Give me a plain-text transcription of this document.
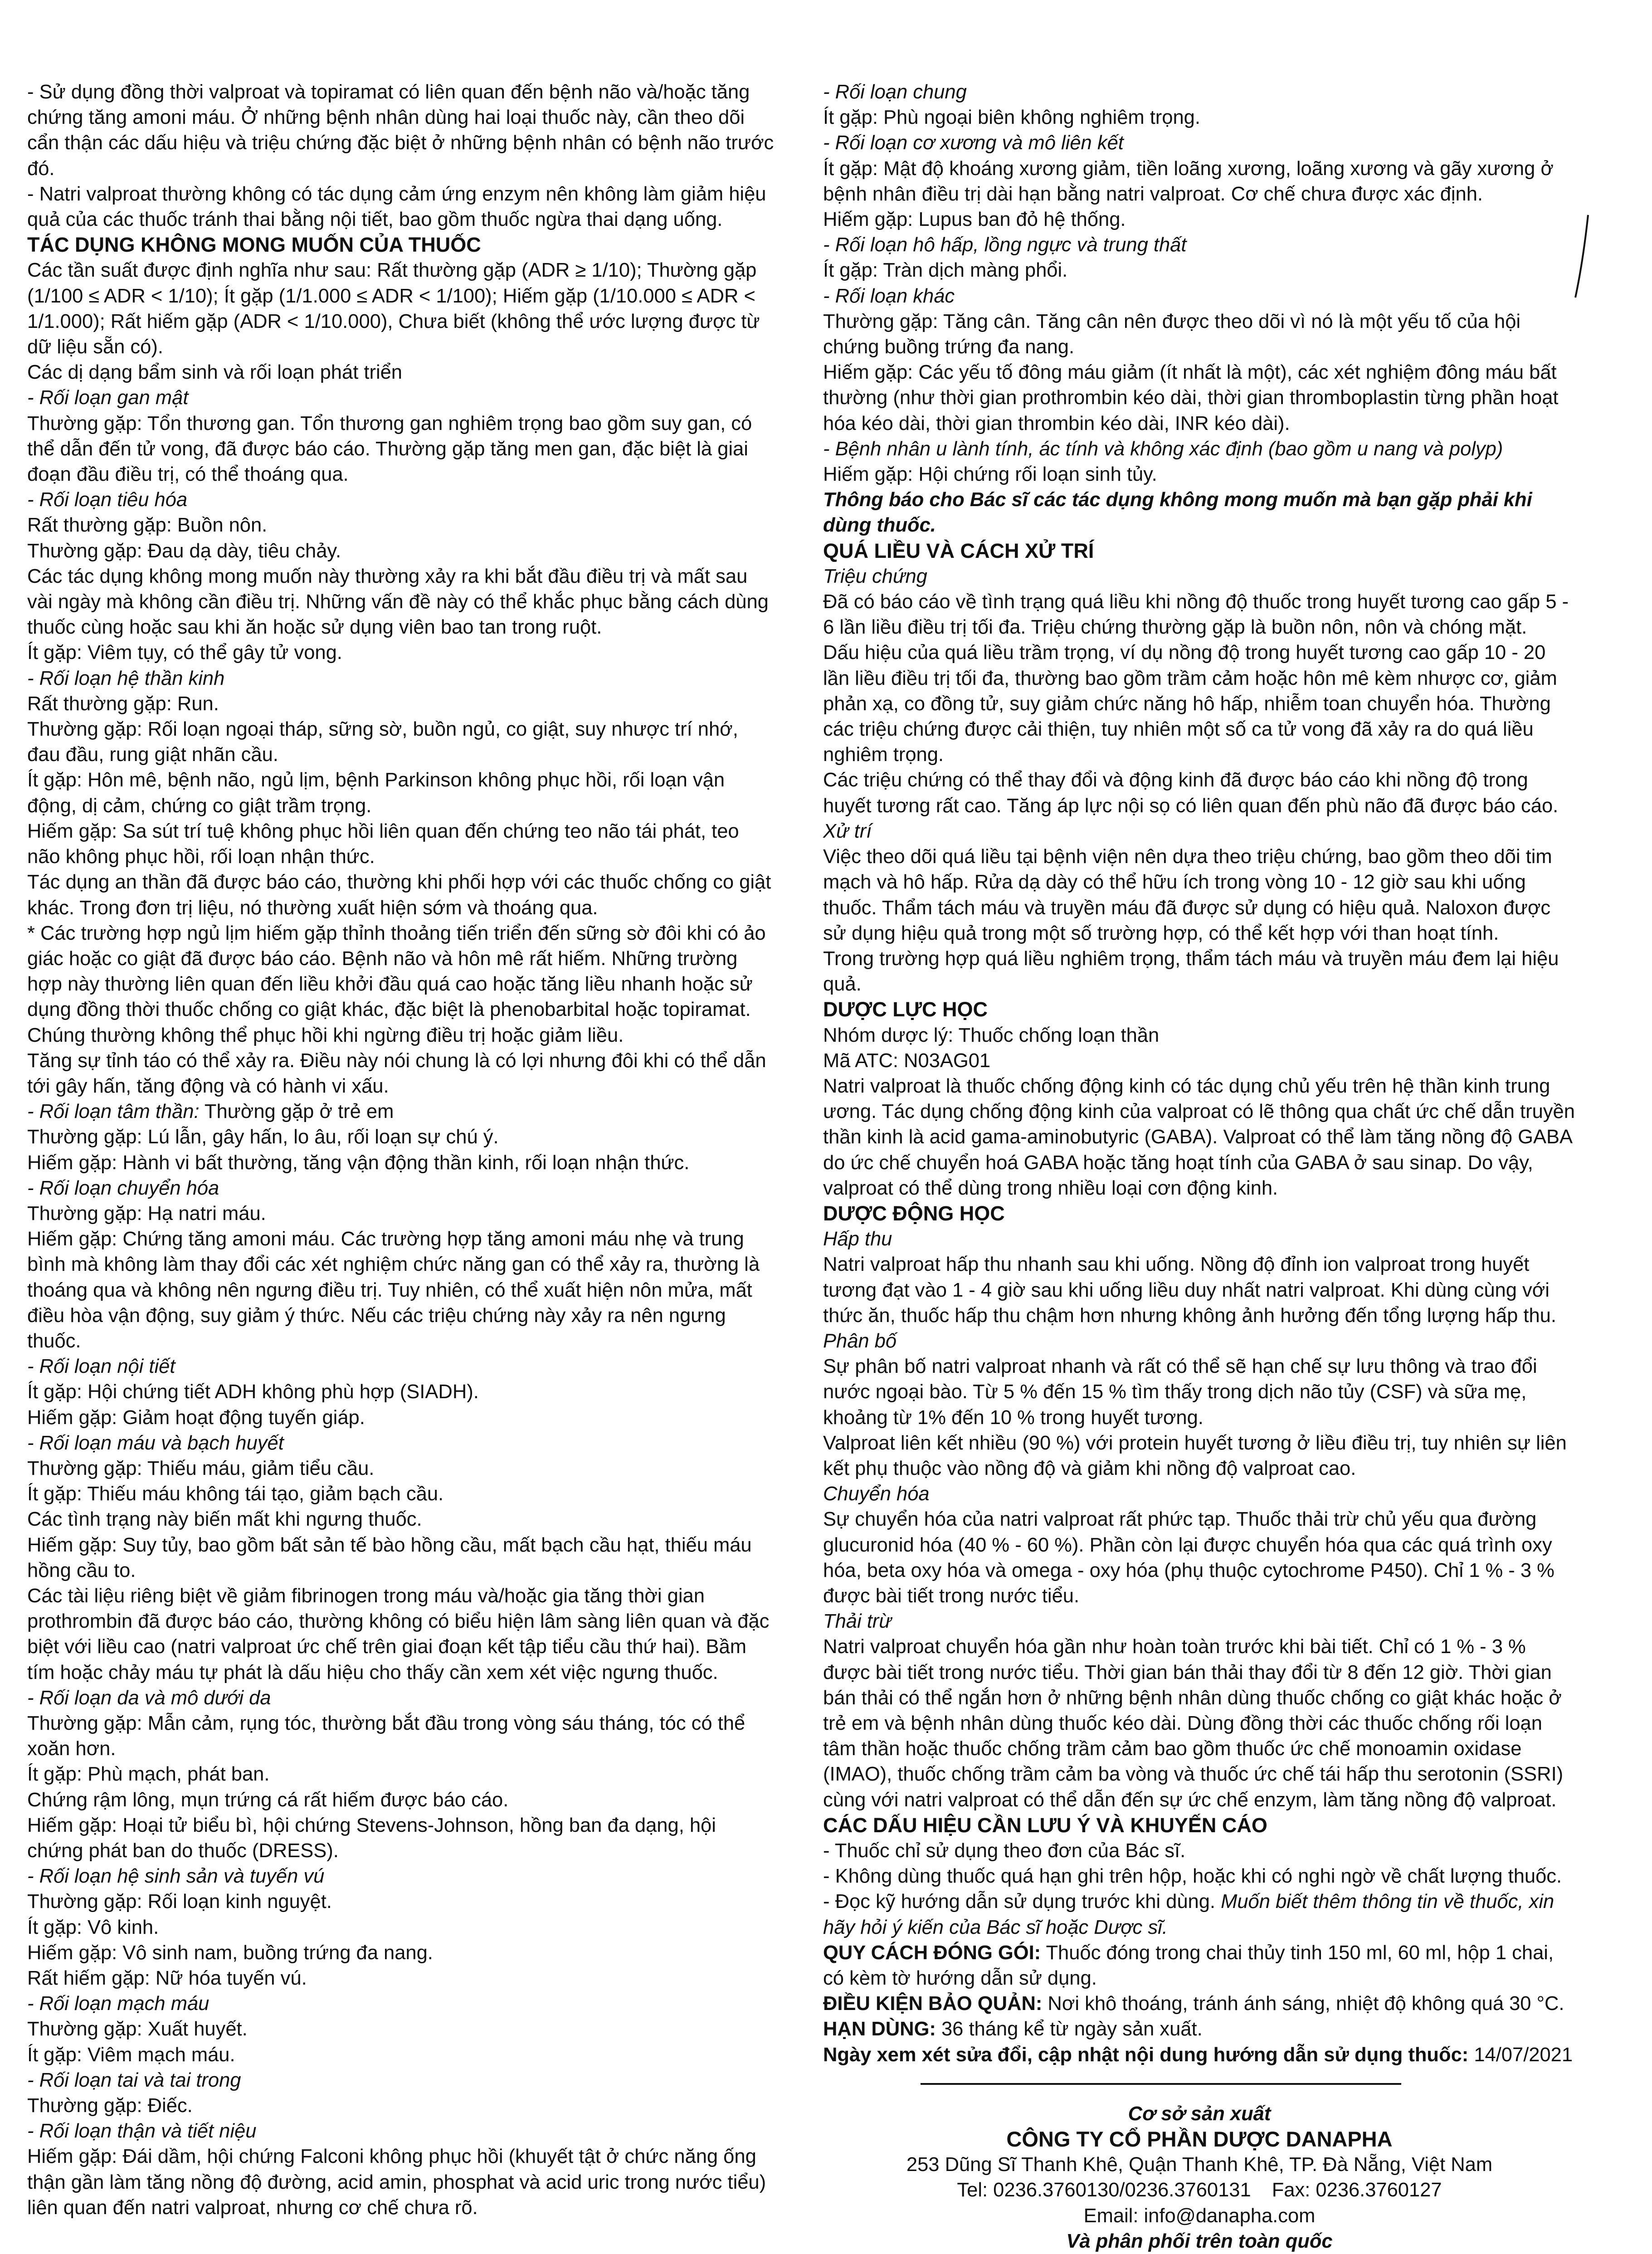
- Sử dụng đồng thời valproat và topiramat có liên quan đến bệnh não và/hoặc tăng chứng tăng amoni máu. Ở những bệnh nhân dùng hai loại thuốc này, cần theo dõi cẩn thận các dấu hiệu và triệu chứng đặc biệt ở những bệnh nhân có bệnh não trước đó.

- Natri valproat thường không có tác dụng cảm ứng enzym nên không làm giảm hiệu quả của các thuốc tránh thai bằng nội tiết, bao gồm thuốc ngừa thai dạng uống.

TÁC DỤNG KHÔNG MONG MUỐN CỦA THUỐC

Các tần suất được định nghĩa như sau: Rất thường gặp (ADR ≥ 1/10); Thường gặp (1/100 ≤ ADR < 1/10); Ít gặp (1/1.000 ≤ ADR < 1/100); Hiếm gặp (1/10.000 ≤ ADR < 1/1.000); Rất hiếm gặp (ADR < 1/10.000), Chưa biết (không thể ước lượng được từ dữ liệu sẵn có).

Các dị dạng bẩm sinh và rối loạn phát triển

- Rối loạn gan mật

Thường gặp: Tổn thương gan. Tổn thương gan nghiêm trọng bao gồm suy gan, có thể dẫn đến tử vong, đã được báo cáo. Thường gặp tăng men gan, đặc biệt là giai đoạn đầu điều trị, có thể thoáng qua.

- Rối loạn tiêu hóa

Rất thường gặp: Buồn nôn.

Thường gặp: Đau dạ dày, tiêu chảy.

Các tác dụng không mong muốn này thường xảy ra khi bắt đầu điều trị và mất sau vài ngày mà không cần điều trị. Những vấn đề này có thể khắc phục bằng cách dùng thuốc cùng hoặc sau khi ăn hoặc sử dụng viên bao tan trong ruột.

Ít gặp: Viêm tụy, có thể gây tử vong.

- Rối loạn hệ thần kinh

Rất thường gặp: Run.

Thường gặp: Rối loạn ngoại tháp, sững sờ, buồn ngủ, co giật, suy nhược trí nhớ, đau đầu, rung giật nhãn cầu.

Ít gặp: Hôn mê, bệnh não, ngủ lịm, bệnh Parkinson không phục hồi, rối loạn vận động, dị cảm, chứng co giật trầm trọng.

Hiếm gặp: Sa sút trí tuệ không phục hồi liên quan đến chứng teo não tái phát, teo não không phục hồi, rối loạn nhận thức.

Tác dụng an thần đã được báo cáo, thường khi phối hợp với các thuốc chống co giật khác. Trong đơn trị liệu, nó thường xuất hiện sớm và thoáng qua.

* Các trường hợp ngủ lịm hiếm gặp thỉnh thoảng tiến triển đến sững sờ đôi khi có ảo giác hoặc co giật đã được báo cáo. Bệnh não và hôn mê rất hiếm. Những trường hợp này thường liên quan đến liều khởi đầu quá cao hoặc tăng liều nhanh hoặc sử dụng đồng thời thuốc chống co giật khác, đặc biệt là phenobarbital hoặc topiramat. Chúng thường không thể phục hồi khi ngừng điều trị hoặc giảm liều.

Tăng sự tỉnh táo có thể xảy ra. Điều này nói chung là có lợi nhưng đôi khi có thể dẫn tới gây hấn, tăng động và có hành vi xấu.

- Rối loạn tâm thần: Thường gặp ở trẻ em

Thường gặp: Lú lẫn, gây hấn, lo âu, rối loạn sự chú ý.

Hiếm gặp: Hành vi bất thường, tăng vận động thần kinh, rối loạn nhận thức.

- Rối loạn chuyển hóa

Thường gặp: Hạ natri máu.

Hiếm gặp: Chứng tăng amoni máu. Các trường hợp tăng amoni máu nhẹ và trung bình mà không làm thay đổi các xét nghiệm chức năng gan có thể xảy ra, thường là thoáng qua và không nên ngưng điều trị. Tuy nhiên, có thể xuất hiện nôn mửa, mất điều hòa vận động, suy giảm ý thức. Nếu các triệu chứng này xảy ra nên ngưng thuốc.

- Rối loạn nội tiết

Ít gặp: Hội chứng tiết ADH không phù hợp (SIADH).

Hiếm gặp: Giảm hoạt động tuyến giáp.

- Rối loạn máu và bạch huyết

Thường gặp: Thiếu máu, giảm tiểu cầu.

Ít gặp: Thiếu máu không tái tạo, giảm bạch cầu.

Các tình trạng này biến mất khi ngưng thuốc.

Hiếm gặp: Suy tủy, bao gồm bất sản tế bào hồng cầu, mất bạch cầu hạt, thiếu máu hồng cầu to.

Các tài liệu riêng biệt về giảm fibrinogen trong máu và/hoặc gia tăng thời gian prothrombin đã được báo cáo, thường không có biểu hiện lâm sàng liên quan và đặc biệt với liều cao (natri valproat ức chế trên giai đoạn kết tập tiểu cầu thứ hai). Bầm tím hoặc chảy máu tự phát là dấu hiệu cho thấy cần xem xét việc ngưng thuốc.

- Rối loạn da và mô dưới da

Thường gặp: Mẫn cảm, rụng tóc, thường bắt đầu trong vòng sáu tháng, tóc có thể xoăn hơn.

Ít gặp: Phù mạch, phát ban.

Chứng rậm lông, mụn trứng cá rất hiếm được báo cáo.

Hiếm gặp: Hoại tử biểu bì, hội chứng Stevens-Johnson, hồng ban đa dạng, hội chứng phát ban do thuốc (DRESS).

- Rối loạn hệ sinh sản và tuyến vú

Thường gặp: Rối loạn kinh nguyệt.

Ít gặp: Vô kinh.

Hiếm gặp: Vô sinh nam, buồng trứng đa nang.

Rất hiếm gặp: Nữ hóa tuyến vú.

- Rối loạn mạch máu

Thường gặp: Xuất huyết.

Ít gặp: Viêm mạch máu.

- Rối loạn tai và tai trong

Thường gặp: Điếc.

- Rối loạn thận và tiết niệu

Hiếm gặp: Đái dầm, hội chứng Falconi không phục hồi (khuyết tật ở chức năng ống thận gần làm tăng nồng độ đường, acid amin, phosphat và acid uric trong nước tiểu) liên quan đến natri valproat, nhưng cơ chế chưa rõ.

- Rối loạn chung

Ít gặp: Phù ngoại biên không nghiêm trọng.

- Rối loạn cơ xương và mô liên kết

Ít gặp: Mật độ khoáng xương giảm, tiền loãng xương, loãng xương và gãy xương ở bệnh nhân điều trị dài hạn bằng natri valproat. Cơ chế chưa được xác định.

Hiếm gặp: Lupus ban đỏ hệ thống.

- Rối loạn hô hấp, lồng ngực và trung thất

Ít gặp: Tràn dịch màng phổi.

- Rối loạn khác

Thường gặp: Tăng cân. Tăng cân nên được theo dõi vì nó là một yếu tố của hội chứng buồng trứng đa nang.

Hiếm gặp: Các yếu tố đông máu giảm (ít nhất là một), các xét nghiệm đông máu bất thường (như thời gian prothrombin kéo dài, thời gian thromboplastin từng phần hoạt hóa kéo dài, thời gian thrombin kéo dài, INR kéo dài).

- Bệnh nhân u lành tính, ác tính và không xác định (bao gồm u nang và polyp)

Hiếm gặp: Hội chứng rối loạn sinh tủy.

Thông báo cho Bác sĩ các tác dụng không mong muốn mà bạn gặp phải khi dùng thuốc.

QUÁ LIỀU VÀ CÁCH XỬ TRÍ

Triệu chứng

Đã có báo cáo về tình trạng quá liều khi nồng độ thuốc trong huyết tương cao gấp 5 - 6 lần liều điều trị tối đa. Triệu chứng thường gặp là buồn nôn, nôn và chóng mặt.

Dấu hiệu của quá liều trầm trọng, ví dụ nồng độ trong huyết tương cao gấp 10 - 20 lần liều điều trị tối đa, thường bao gồm trầm cảm hoặc hôn mê kèm nhược cơ, giảm phản xạ, co đồng tử, suy giảm chức năng hô hấp, nhiễm toan chuyển hóa. Thường các triệu chứng được cải thiện, tuy nhiên một số ca tử vong đã xảy ra do quá liều nghiêm trọng.

Các triệu chứng có thể thay đổi và động kinh đã được báo cáo khi nồng độ trong huyết tương rất cao. Tăng áp lực nội sọ có liên quan đến phù não đã được báo cáo.

Xử trí

Việc theo dõi quá liều tại bệnh viện nên dựa theo triệu chứng, bao gồm theo dõi tim mạch và hô hấp. Rửa dạ dày có thể hữu ích trong vòng 10 - 12 giờ sau khi uống thuốc. Thẩm tách máu và truyền máu đã được sử dụng có hiệu quả. Naloxon được sử dụng hiệu quả trong một số trường hợp, có thể kết hợp với than hoạt tính.

Trong trường hợp quá liều nghiêm trọng, thẩm tách máu và truyền máu đem lại hiệu quả.

DƯỢC LỰC HỌC

Nhóm dược lý: Thuốc chống loạn thần

Mã ATC: N03AG01

Natri valproat là thuốc chống động kinh có tác dụng chủ yếu trên hệ thần kinh trung ương. Tác dụng chống động kinh của valproat có lẽ thông qua chất ức chế dẫn truyền thần kinh là acid gama-aminobutyric (GABA). Valproat có thể làm tăng nồng độ GABA do ức chế chuyển hoá GABA hoặc tăng hoạt tính của GABA ở sau sinap. Do vậy, valproat có thể dùng trong nhiều loại cơn động kinh.

DƯỢC ĐỘNG HỌC

Hấp thu

Natri valproat hấp thu nhanh sau khi uống. Nồng độ đỉnh ion valproat trong huyết tương đạt vào 1 - 4 giờ sau khi uống liều duy nhất natri valproat. Khi dùng cùng với thức ăn, thuốc hấp thu chậm hơn nhưng không ảnh hưởng đến tổng lượng hấp thu.

Phân bố

Sự phân bố natri valproat nhanh và rất có thể sẽ hạn chế sự lưu thông và trao đổi nước ngoại bào. Từ 5 % đến 15 % tìm thấy trong dịch não tủy (CSF) và sữa mẹ, khoảng từ 1% đến 10 % trong huyết tương.

Valproat liên kết nhiều (90 %) với protein huyết tương ở liều điều trị, tuy nhiên sự liên kết phụ thuộc vào nồng độ và giảm khi nồng độ valproat cao.

Chuyển hóa

Sự chuyển hóa của natri valproat rất phức tạp. Thuốc thải trừ chủ yếu qua đường glucuronid hóa (40 % - 60 %). Phần còn lại được chuyển hóa qua các quá trình oxy hóa, beta oxy hóa và omega - oxy hóa (phụ thuộc cytochrome P450). Chỉ 1 % - 3 % được bài tiết trong nước tiểu.

Thải trừ

Natri valproat chuyển hóa gần như hoàn toàn trước khi bài tiết. Chỉ có 1 % - 3 % được bài tiết trong nước tiểu. Thời gian bán thải thay đổi từ 8 đến 12 giờ. Thời gian bán thải có thể ngắn hơn ở những bệnh nhân dùng thuốc chống co giật khác hoặc ở trẻ em và bệnh nhân dùng thuốc kéo dài. Dùng đồng thời các thuốc chống rối loạn tâm thần hoặc thuốc chống trầm cảm bao gồm thuốc ức chế monoamin oxidase (IMAO), thuốc chống trầm cảm ba vòng và thuốc ức chế tái hấp thu serotonin (SSRI) cùng với natri valproat có thể dẫn đến sự ức chế enzym, làm tăng nồng độ valproat.

CÁC DẤU HIỆU CẦN LƯU Ý VÀ KHUYẾN CÁO

- Thuốc chỉ sử dụng theo đơn của Bác sĩ.

- Không dùng thuốc quá hạn ghi trên hộp, hoặc khi có nghi ngờ về chất lượng thuốc.

- Đọc kỹ hướng dẫn sử dụng trước khi dùng. Muốn biết thêm thông tin về thuốc, xin hãy hỏi ý kiến của Bác sĩ hoặc Dược sĩ.

QUY CÁCH ĐÓNG GÓI: Thuốc đóng trong chai thủy tinh 150 ml, 60 ml, hộp 1 chai, có kèm tờ hướng dẫn sử dụng.

ĐIỀU KIỆN BẢO QUẢN: Nơi khô thoáng, tránh ánh sáng, nhiệt độ không quá 30 °C.

HẠN DÙNG: 36 tháng kể từ ngày sản xuất.

Ngày xem xét sửa đổi, cập nhật nội dung hướng dẫn sử dụng thuốc: 14/07/2021

Cơ sở sản xuất

CÔNG TY CỔ PHẦN DƯỢC DANAPHA

253 Dũng Sĩ Thanh Khê, Quận Thanh Khê, TP. Đà Nẵng, Việt Nam

Tel: 0236.3760130/0236.3760131 Fax: 0236.3760127

Email: info@danapha.com

Và phân phối trên toàn quốc
